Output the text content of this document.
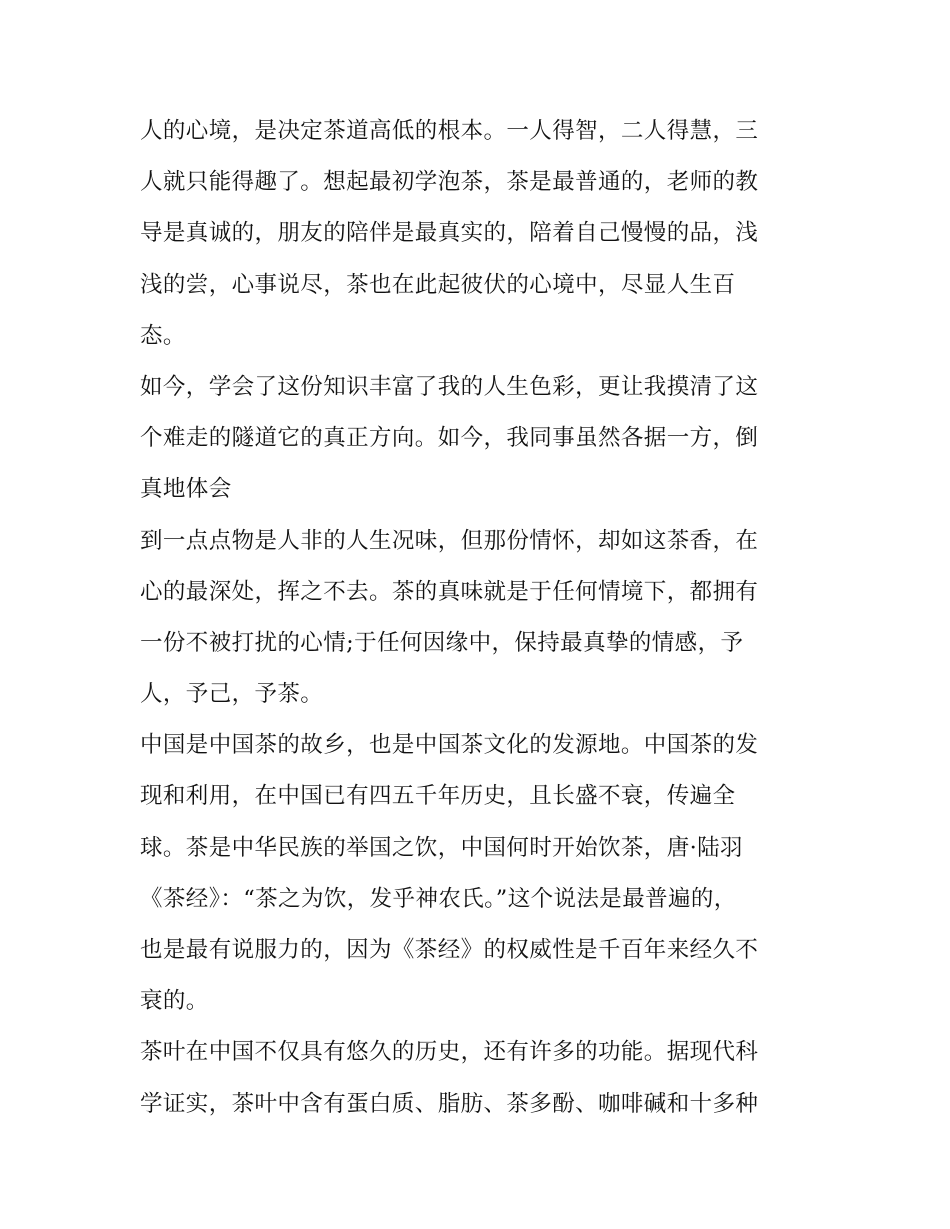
人的心境，是决定茶道高低的根本。一人得智，二人得慧，三
人就只能得趣了。想起最初学泡茶，茶是最普通的，老师的教
导是真诚的，朋友的陪伴是最真实的，陪着自己慢慢的品，浅
浅的尝，心事说尽，茶也在此起彼伏的心境中，尽显人生百
态。
如今，学会了这份知识丰富了我的人生色彩，更让我摸清了这
个难走的隧道它的真正方向。如今，我同事虽然各据一方，倒
真地体会
到一点点物是人非的人生况味，但那份情怀，却如这茶香，在
心的最深处，挥之不去。茶的真味就是于任何情境下，都拥有
一份不被打扰的心情;于任何因缘中，保持最真挚的情感，予
人，予己，予茶。
中国是中国茶的故乡，也是中国茶文化的发源地。中国茶的发
现和利用，在中国已有四五千年历史，且长盛不衰，传遍全
球。茶是中华民族的举国之饮，中国何时开始饮茶，唐·陆羽
《茶经》：“茶之为饮，发乎神农氏。”这个说法是最普遍的，
也是最有说服力的，因为《茶经》的权威性是千百年来经久不
衰的。
茶叶在中国不仅具有悠久的历史，还有许多的功能。据现代科
学证实，茶叶中含有蛋白质、脂肪、茶多酚、咖啡碱和十多种
